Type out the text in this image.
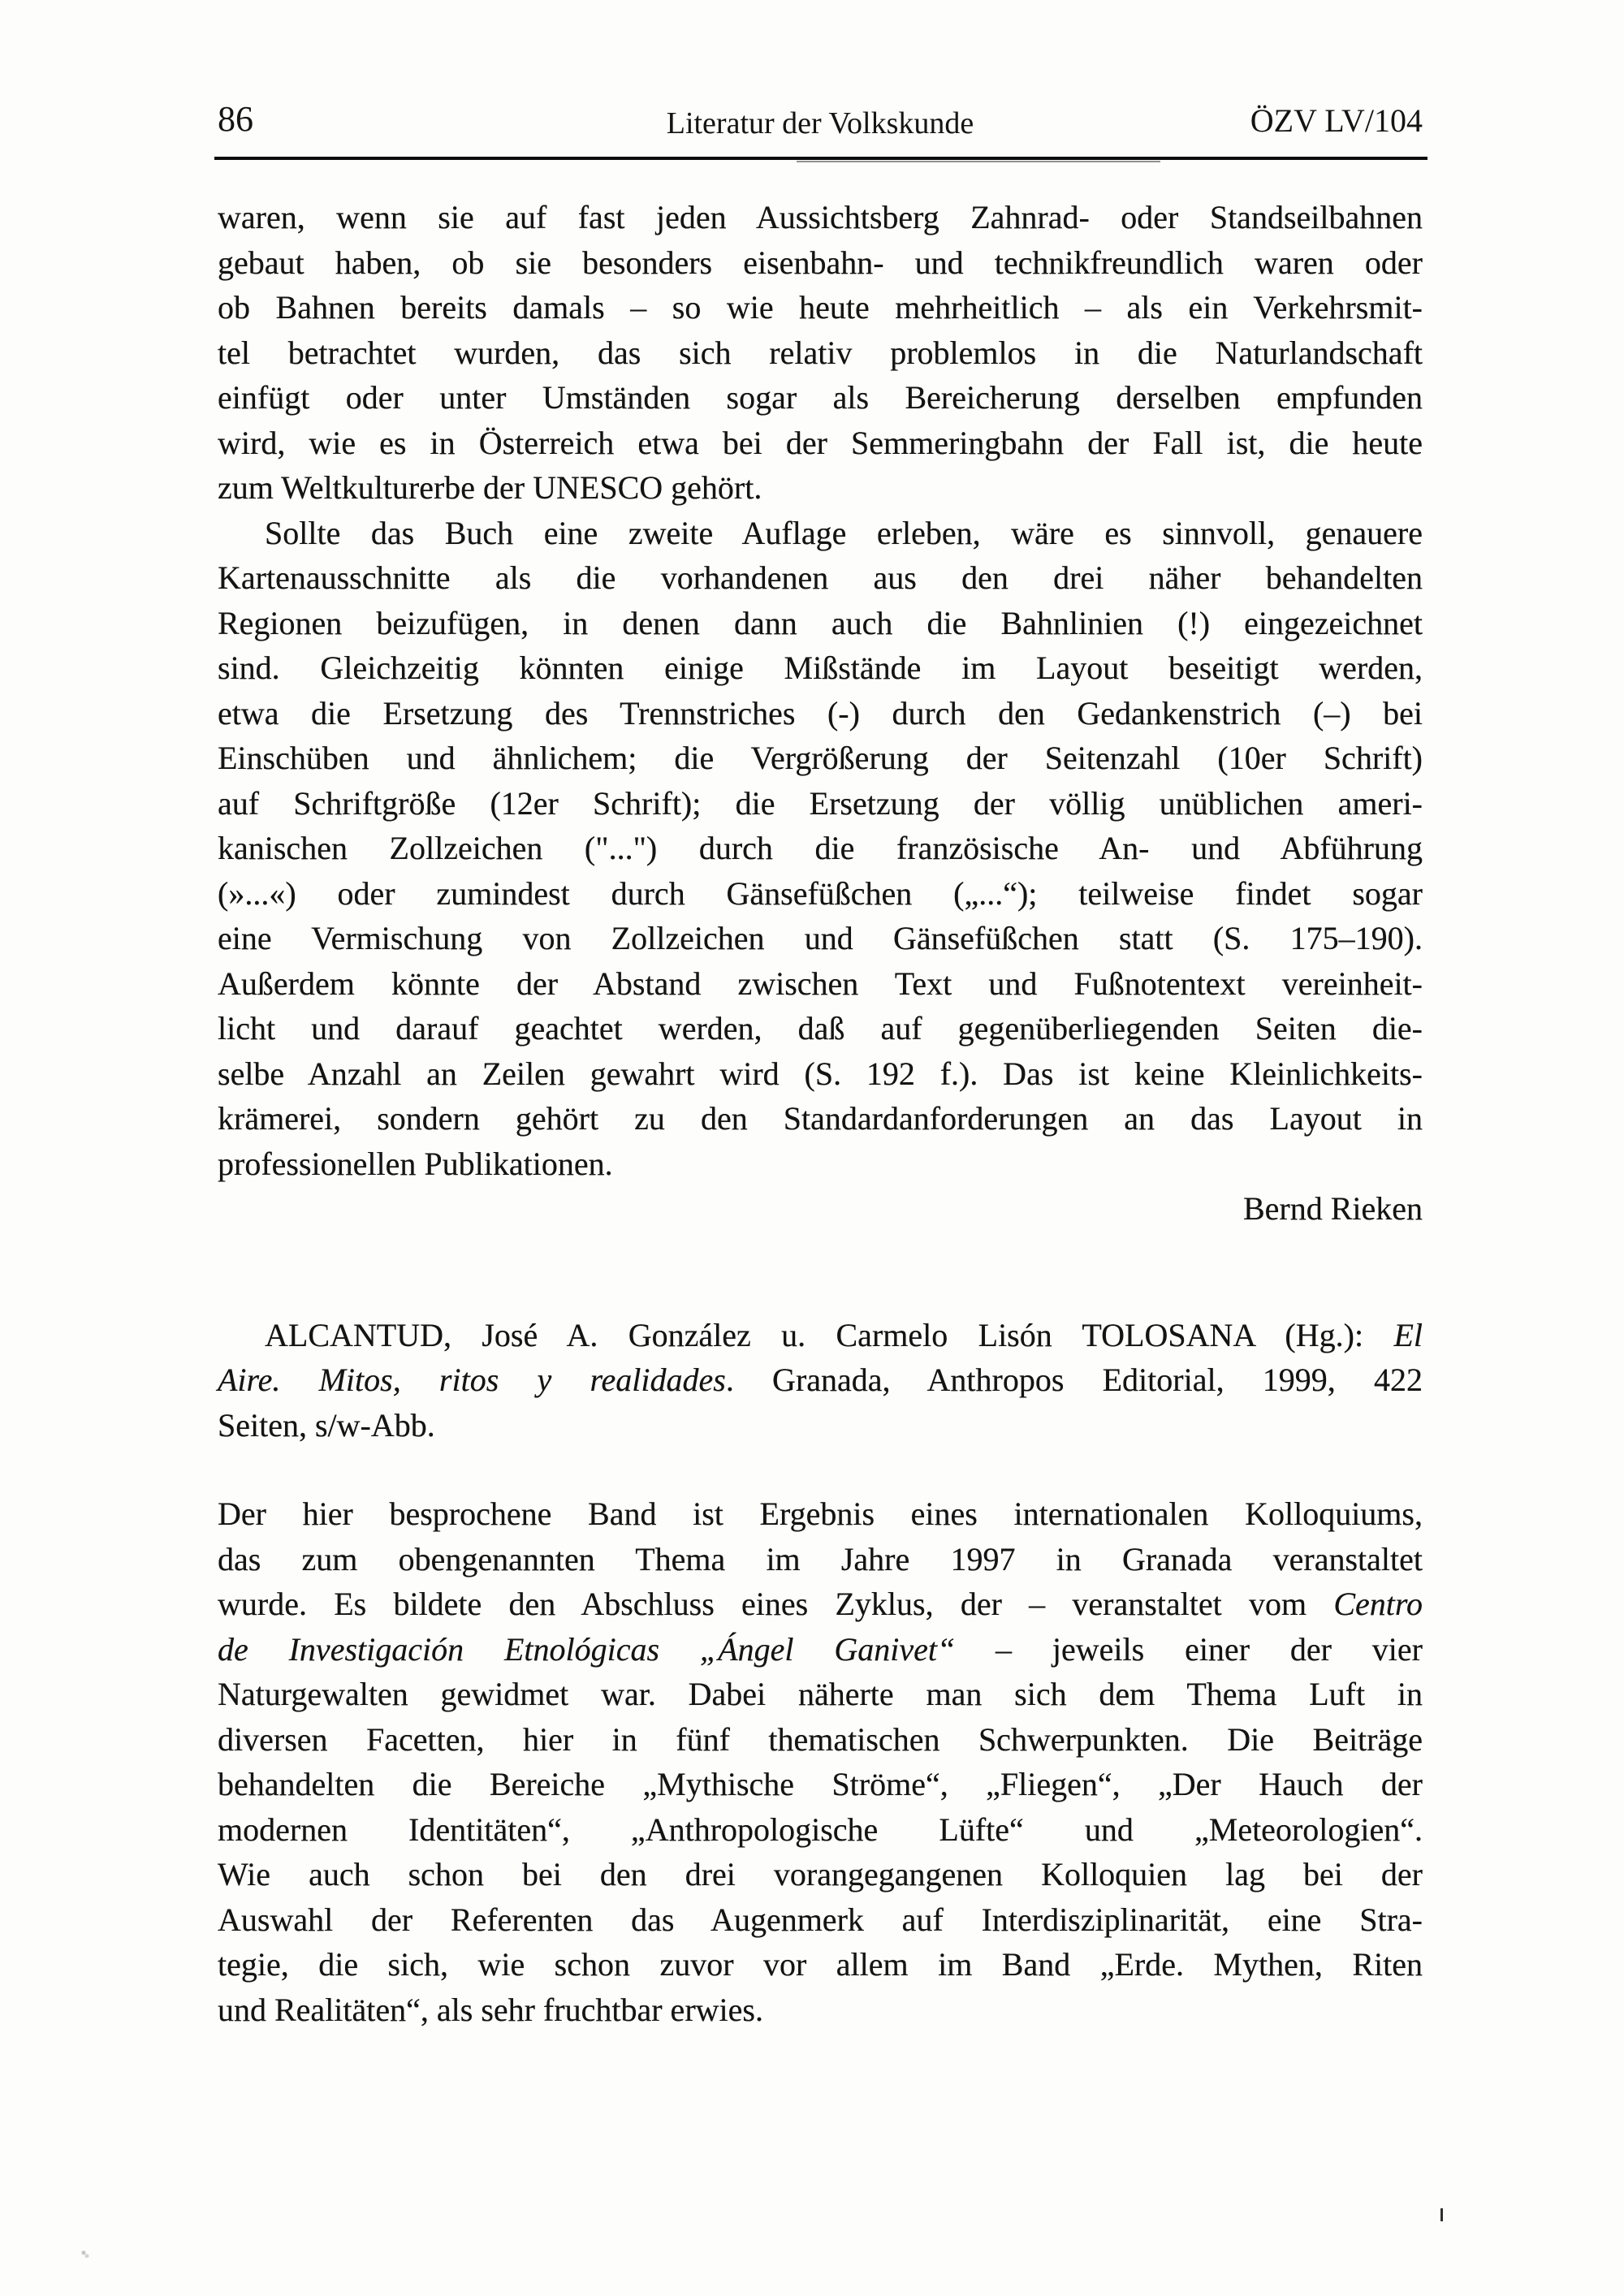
86	Literatur der Volkskunde	ÖZV LV/104
waren, wenn sie auf fast jeden Aussichtsberg Zahnrad- oder Standseilbahnen
gebaut haben, ob sie besonders eisenbahn- und technikfreundlich waren oder
ob Bahnen bereits damals – so wie heute mehrheitlich – als ein Verkehrsmit-
tel betrachtet wurden, das sich relativ problemlos in die Naturlandschaft
einfügt oder unter Umständen sogar als Bereicherung derselben empfunden
wird, wie es in Österreich etwa bei der Semmeringbahn der Fall ist, die heute
zum Weltkulturerbe der UNESCO gehört.
Sollte das Buch eine zweite Auflage erleben, wäre es sinnvoll, genauere
Kartenausschnitte als die vorhandenen aus den drei näher behandelten
Regionen beizufügen, in denen dann auch die Bahnlinien (!) eingezeichnet
sind. Gleichzeitig könnten einige Mißstände im Layout beseitigt werden,
etwa die Ersetzung des Trennstriches (-) durch den Gedankenstrich (–) bei
Einschüben und ähnlichem; die Vergrößerung der Seitenzahl (10er Schrift)
auf Schriftgröße (12er Schrift); die Ersetzung der völlig unüblichen ameri-
kanischen Zollzeichen ("...") durch die französische An- und Abführung
(»...«) oder zumindest durch Gänsefüßchen („...“); teilweise findet sogar
eine Vermischung von Zollzeichen und Gänsefüßchen statt (S. 175–190).
Außerdem könnte der Abstand zwischen Text und Fußnotentext vereinheit-
licht und darauf geachtet werden, daß auf gegenüberliegenden Seiten die-
selbe Anzahl an Zeilen gewahrt wird (S. 192 f.). Das ist keine Kleinlichkeits-
krämerei, sondern gehört zu den Standardanforderungen an das Layout in
professionellen Publikationen.
Bernd Rieken
ALCANTUD, José A. González u. Carmelo Lisón TOLOSANA (Hg.): El
Aire. Mitos, ritos y realidades. Granada, Anthropos Editorial, 1999, 422
Seiten, s/w-Abb.
Der hier besprochene Band ist Ergebnis eines internationalen Kolloquiums,
das zum obengenannten Thema im Jahre 1997 in Granada veranstaltet
wurde. Es bildete den Abschluss eines Zyklus, der – veranstaltet vom Centro
de Investigación Etnológicas „Ángel Ganivet“ – jeweils einer der vier
Naturgewalten gewidmet war. Dabei näherte man sich dem Thema Luft in
diversen Facetten, hier in fünf thematischen Schwerpunkten. Die Beiträge
behandelten die Bereiche „Mythische Ströme“, „Fliegen“, „Der Hauch der
modernen Identitäten“, „Anthropologische Lüfte“ und „Meteorologien“.
Wie auch schon bei den drei vorangegangenen Kolloquien lag bei der
Auswahl der Referenten das Augenmerk auf Interdisziplinarität, eine Stra-
tegie, die sich, wie schon zuvor vor allem im Band „Erde. Mythen, Riten
und Realitäten“, als sehr fruchtbar erwies.
